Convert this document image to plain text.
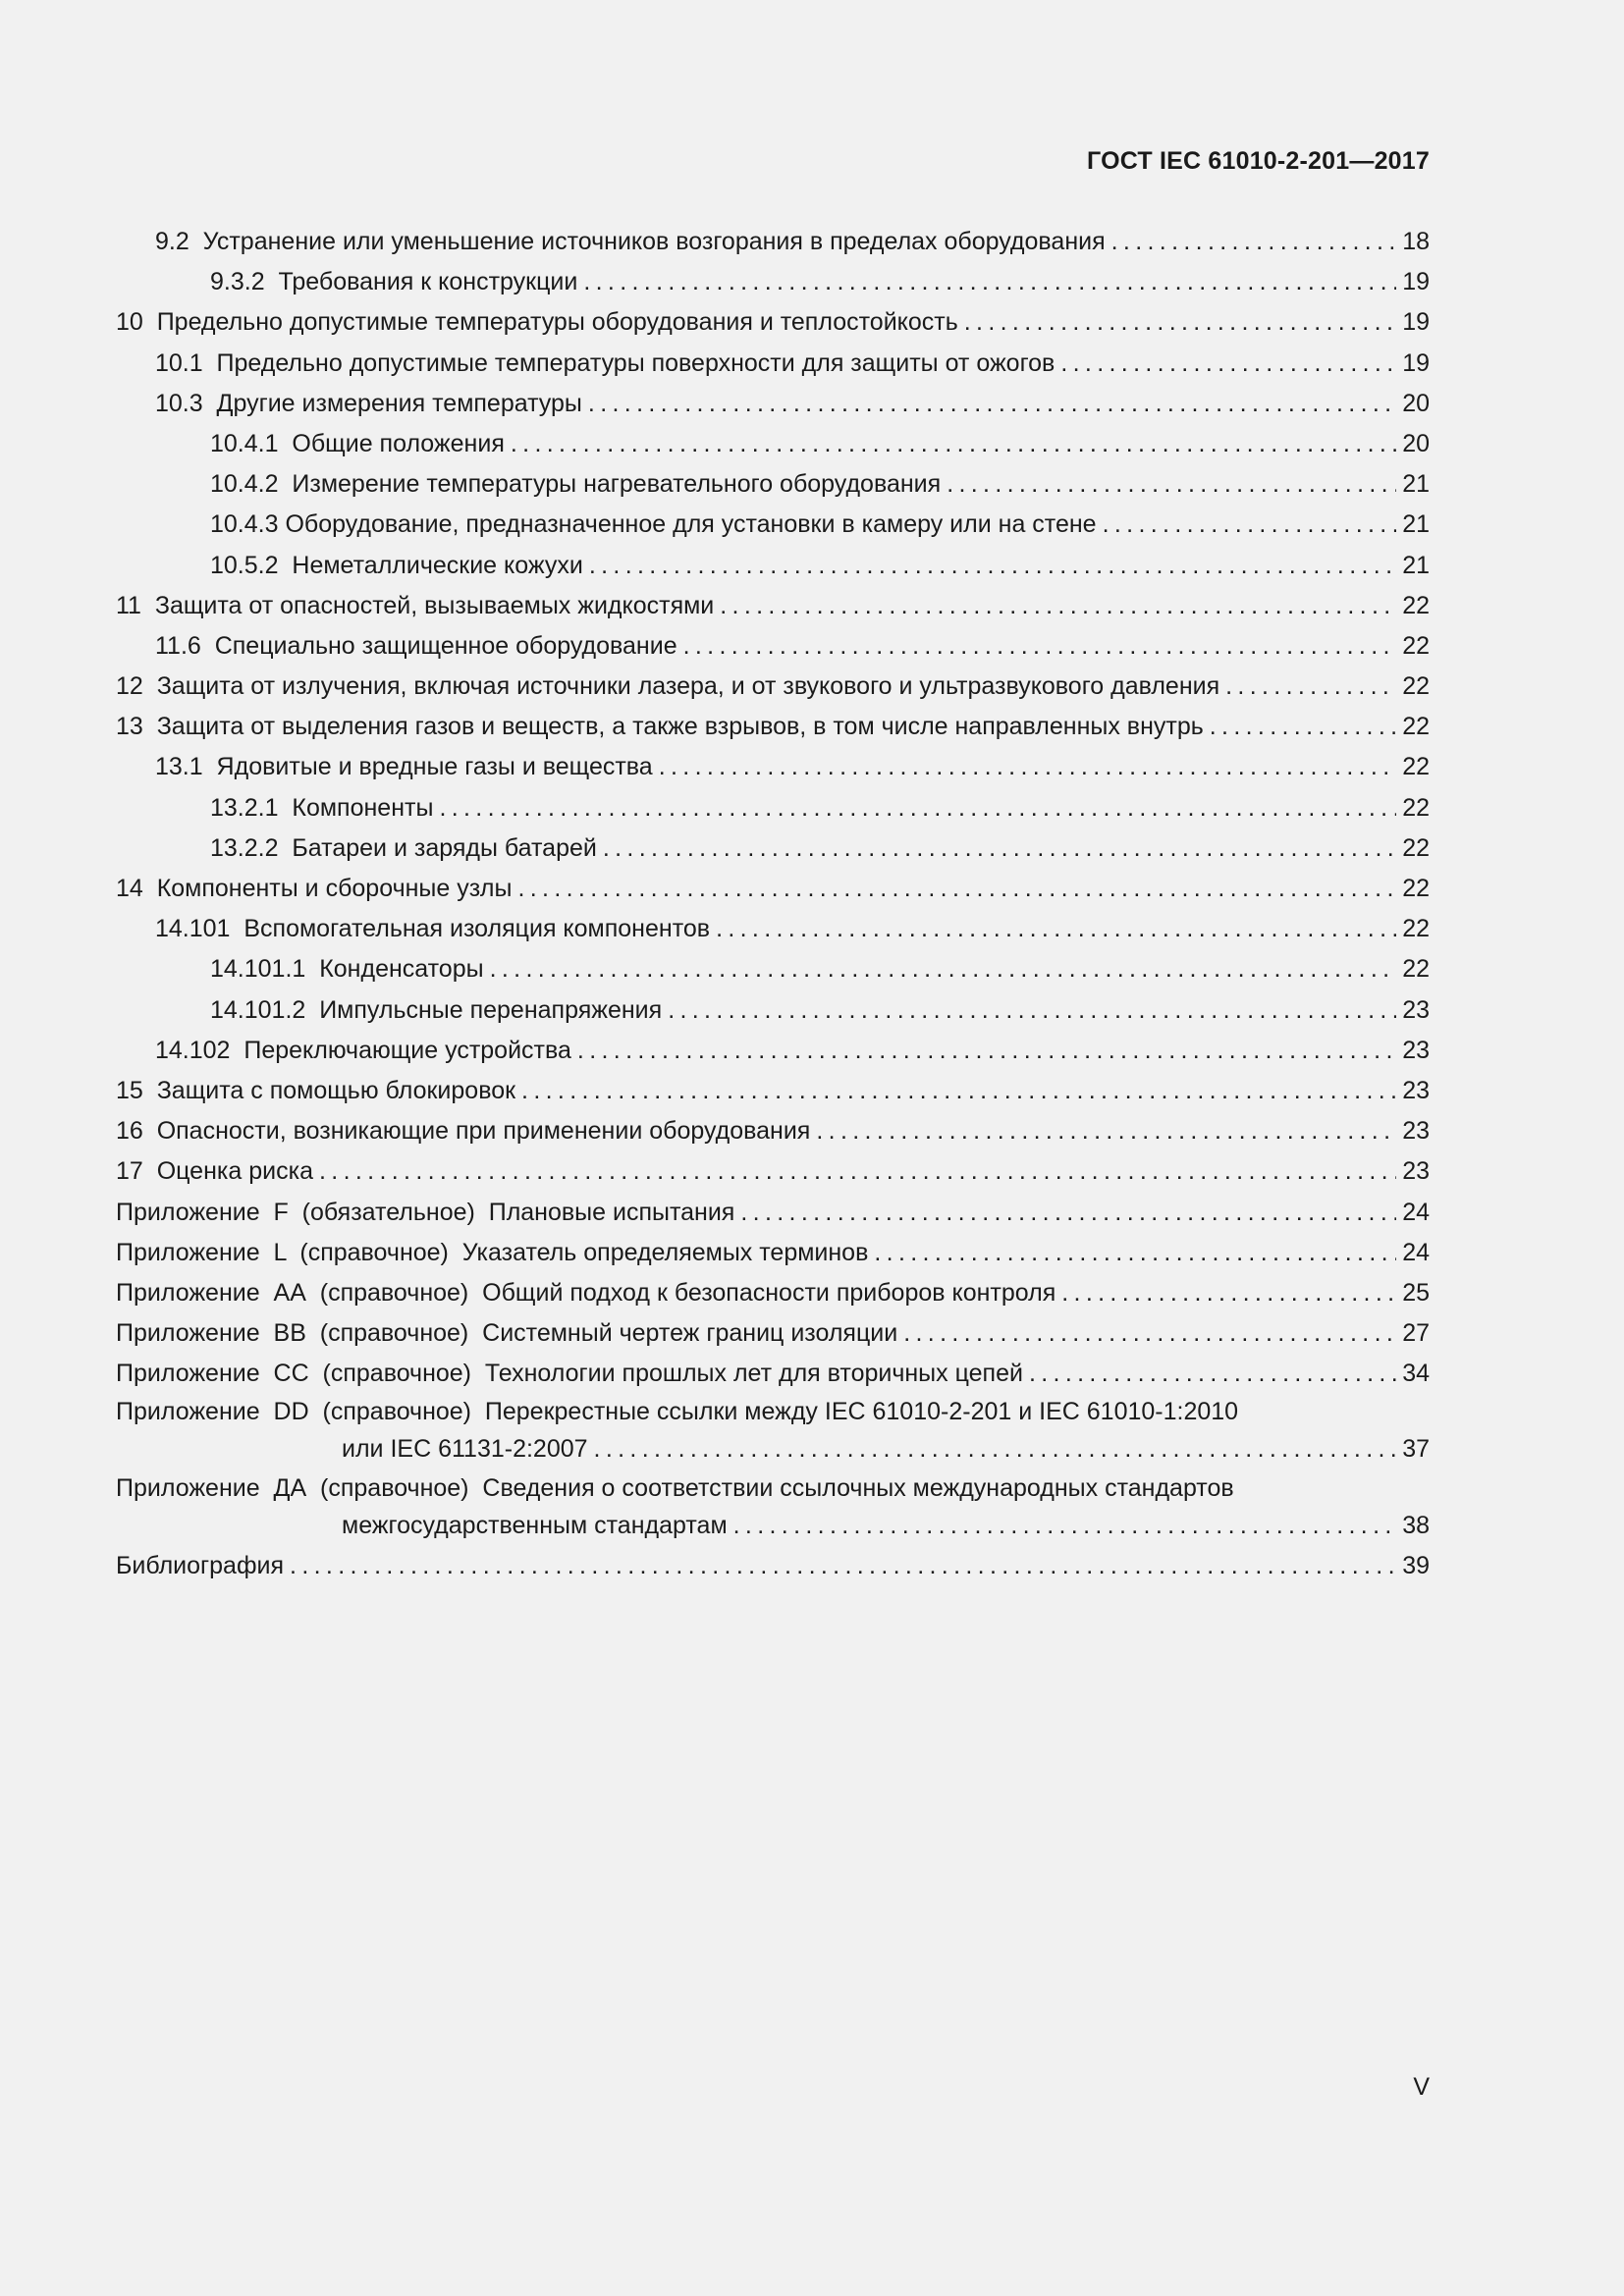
ГОСТ IEC 61010-2-201—2017
9.2  Устранение или уменьшение источников возгорания в пределах оборудования . . .	18
9.3.2  Требования к конструкции . . .	19
10  Предельно допустимые температуры оборудования и теплостойкость . . .	19
10.1  Предельно допустимые температуры поверхности для защиты от ожогов . . .	19
10.3  Другие измерения температуры . . .	20
10.4.1  Общие положения . . .	20
10.4.2  Измерение температуры нагревательного оборудования . . .	21
10.4.3 Оборудование, предназначенное для установки в камеру или на стене . . .	21
10.5.2  Неметаллические кожухи . . .	21
11  Защита от опасностей, вызываемых жидкостями . . .	22
11.6  Специально защищенное оборудование . . .	22
12  Защита от излучения, включая источники лазера, и от звукового и ультразвукового давления . . .	22
13  Защита от выделения газов и веществ, а также взрывов, в том числе направленных внутрь . . .	22
13.1  Ядовитые и вредные газы и вещества . . .	22
13.2.1  Компоненты . . .	22
13.2.2  Батареи и заряды батарей . . .	22
14  Компоненты и сборочные узлы . . .	22
14.101  Вспомогательная изоляция компонентов . . .	22
14.101.1  Конденсаторы . . .	22
14.101.2  Импульсные перенапряжения . . .	23
14.102  Переключающие устройства . . .	23
15  Защита с помощью блокировок . . .	23
16  Опасности, возникающие при применении оборудования . . .	23
17  Оценка риска . . .	23
Приложение  F  (обязательное)  Плановые испытания . . .	24
Приложение  L  (справочное)  Указатель определяемых терминов . . .	24
Приложение  АА  (справочное)  Общий подход к безопасности приборов контроля . . .	25
Приложение  ВВ  (справочное)  Системный чертеж границ изоляции . . .	27
Приложение  СС  (справочное)  Технологии прошлых лет для вторичных цепей . . .	34
Приложение  DD  (справочное)  Перекрестные ссылки между IEC 61010-2-201 и IEC 61010-1:2010
или IEC 61131-2:2007 . . .	37
Приложение  ДА  (справочное)  Сведения о соответствии ссылочных международных стандартов
межгосударственным стандартам . . .	38
Библиография . . .	39
V
